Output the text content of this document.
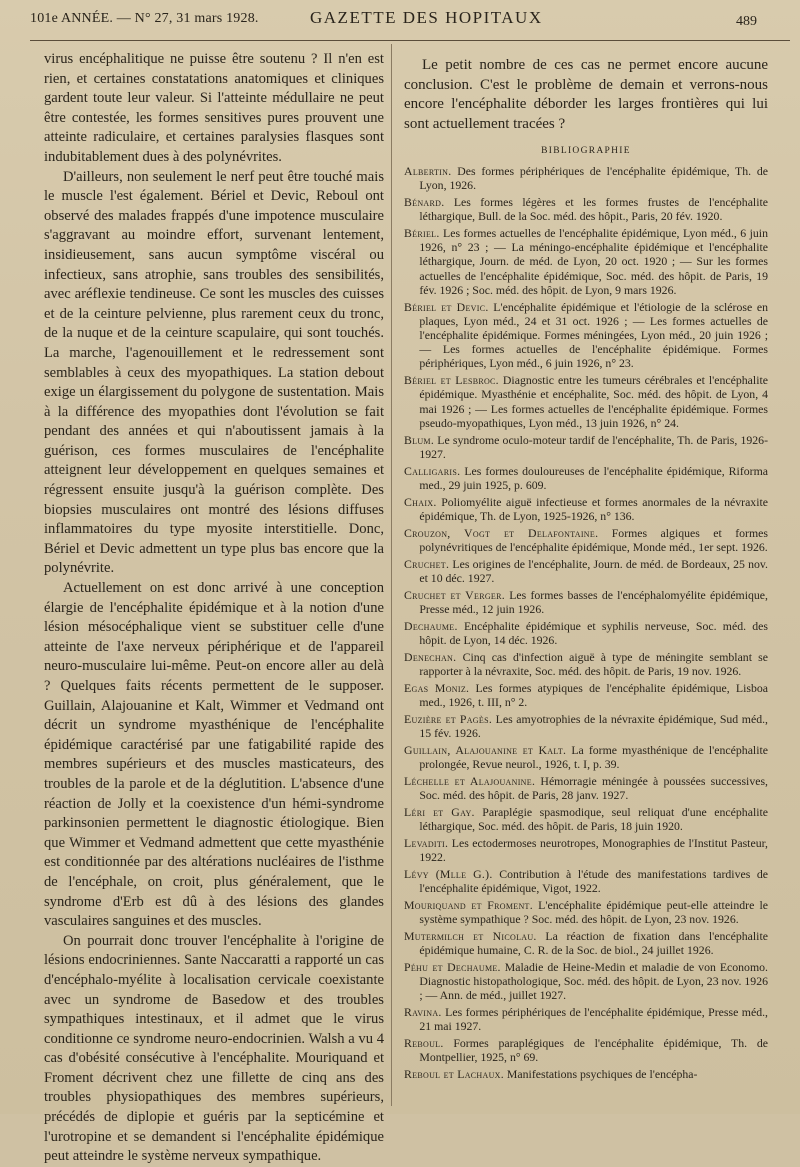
101e ANNÉE. — N° 27, 31 mars 1928.	GAZETTE DES HOPITAUX	489

virus encéphalitique ne puisse être soutenu ? Il n'en est rien, et certaines constatations anatomiques et cliniques gardent toute leur valeur. Si l'atteinte médullaire ne peut être contestée, les formes sensitives pures prouvent une atteinte radiculaire, et certaines paralysies flasques sont indubitablement dues à des polynévrites.

D'ailleurs, non seulement le nerf peut être touché mais le muscle l'est également. Bériel et Devic, Reboul ont observé des malades frappés d'une impotence musculaire s'aggravant au moindre effort, survenant lentement, insidieusement, sans aucun symptôme viscéral ou infectieux, sans atrophie, sans troubles des sensibilités, avec aréflexie tendineuse. Ce sont les muscles des cuisses et de la ceinture pelvienne, plus rarement ceux du tronc, de la nuque et de la ceinture scapulaire, qui sont touchés. La marche, l'agenouillement et le redressement sont semblables à ceux des myopathiques. La station debout exige un élargissement du polygone de sustentation. Mais à la différence des myopathies dont l'évolution se fait pendant des années et qui n'aboutissent jamais à la guérison, ces formes musculaires de l'encéphalite atteignent leur développement en quelques semaines et régressent ensuite jusqu'à la guérison complète. Des biopsies musculaires ont montré des lésions diffuses inflammatoires du type myosite interstitielle. Donc, Bériel et Devic admettent un type plus bas encore que la polynévrite.

Actuellement on est donc arrivé à une conception élargie de l'encéphalite épidémique et à la notion d'une lésion mésocéphalique vient se substituer celle d'une atteinte de l'axe nerveux périphérique et de l'appareil neuro-musculaire lui-même. Peut-on encore aller au delà ? Quelques faits récents permettent de le supposer. Guillain, Alajouanine et Kalt, Wimmer et Vedmand ont décrit un syndrome myasthénique de l'encéphalite épidémique caractérisé par une fatigabilité rapide des membres supérieurs et des muscles masticateurs, des troubles de la parole et de la déglutition. L'absence d'une réaction de Jolly et la coexistence d'un hémi-syndrome parkinsonien permettent le diagnostic étiologique. Bien que Wimmer et Vedmand admettent que cette myasthénie est conditionnée par des altérations nucléaires de l'isthme de l'encéphale, on croit, plus généralement, que le syndrome d'Erb est dû à des lésions des glandes vasculaires sanguines et des muscles.

On pourrait donc trouver l'encéphalite à l'origine de lésions endocriniennes. Sante Naccaratti a rapporté un cas d'encéphalo-myélite à localisation cervicale coexistante avec un syndrome de Basedow et des troubles sympathiques intestinaux, et il admet que le virus conditionne ce syndrome neuro-endocrinien. Walsh a vu 4 cas d'obésité consécutive à l'encéphalite. Mouriquand et Froment décrivent chez une fillette de cinq ans des troubles physiopathiques des membres supérieurs, précédés de diplopie et guéris par la septicémine et l'urotropine et se demandent si l'encéphalite épidémique peut atteindre le système nerveux sympathique.

Le petit nombre de ces cas ne permet encore aucune conclusion. C'est le problème de demain et verrons-nous encore l'encéphalite déborder les larges frontières qui lui sont actuellement tracées ?

BIBLIOGRAPHIE

Albertin. Des formes périphériques de l'encéphalite épidémique, Th. de Lyon, 1926.

Bénard. Les formes légères et les formes frustes de l'encéphalite léthargique, Bull. de la Soc. méd. des hôpit., Paris, 20 fév. 1920.

Bériel. Les formes actuelles de l'encéphalite épidémique, Lyon méd., 6 juin 1926, n° 23 ; — La méningo-encéphalite épidémique et l'encéphalite léthargique, Journ. de méd. de Lyon, 20 oct. 1920 ; — Sur les formes actuelles de l'encéphalite épidémique, Soc. méd. des hôpit. de Paris, 19 fév. 1926 ; Soc. méd. des hôpit. de Lyon, 9 mars 1926.

Bériel et Devic. L'encéphalite épidémique et l'étiologie de la sclérose en plaques, Lyon méd., 24 et 31 oct. 1926 ; — Les formes actuelles de l'encéphalite épidémique. Formes méningées, Lyon méd., 20 juin 1926 ; — Les formes actuelles de l'encéphalite épidémique. Formes périphériques, Lyon méd., 6 juin 1926, n° 23.

Bériel et Lesbroc. Diagnostic entre les tumeurs cérébrales et l'encéphalite épidémique. Myasthénie et encéphalite, Soc. méd. des hôpit. de Lyon, 4 mai 1926 ; — Les formes actuelles de l'encéphalite épidémique. Formes pseudo-myopathiques, Lyon méd., 13 juin 1926, n° 24.

Blum. Le syndrome oculo-moteur tardif de l'encéphalite, Th. de Paris, 1926-1927.

Calligaris. Les formes douloureuses de l'encéphalite épidémique, Riforma med., 29 juin 1925, p. 609.

Chaix. Poliomyélite aiguë infectieuse et formes anormales de la névraxite épidémique, Th. de Lyon, 1925-1926, n° 136.

Crouzon, Vogt et Delafontaine. Formes algiques et formes polynévritiques de l'encéphalite épidémique, Monde méd., 1er sept. 1926.

Cruchet. Les origines de l'encéphalite, Journ. de méd. de Bordeaux, 25 nov. et 10 déc. 1927.

Cruchet et Verger. Les formes basses de l'encéphalomyélite épidémique, Presse méd., 12 juin 1926.

Dechaume. Encéphalite épidémique et syphilis nerveuse, Soc. méd. des hôpit. de Lyon, 14 déc. 1926.

Denechan. Cinq cas d'infection aiguë à type de méningite semblant se rapporter à la névraxite, Soc. méd. des hôpit. de Paris, 19 nov. 1926.

Egas Moniz. Les formes atypiques de l'encéphalite épidémique, Lisboa med., 1926, t. III, n° 2.

Euzière et Pagès. Les amyotrophies de la névraxite épidémique, Sud méd., 15 fév. 1926.

Guillain, Alajouanine et Kalt. La forme myasthénique de l'encéphalite prolongée, Revue neurol., 1926, t. I, p. 39.

Léchelle et Alajouanine. Hémorragie méningée à poussées successives, Soc. méd. des hôpit. de Paris, 28 janv. 1927.

Léri et Gay. Paraplégie spasmodique, seul reliquat d'une encéphalite léthargique, Soc. méd. des hôpit. de Paris, 18 juin 1920.

Levaditi. Les ectodermoses neurotropes, Monographies de l'Institut Pasteur, 1922.

Lévy (Mlle G.). Contribution à l'étude des manifestations tardives de l'encéphalite épidémique, Vigot, 1922.

Mouriquand et Froment. L'encéphalite épidémique peut-elle atteindre le système sympathique ? Soc. méd. des hôpit. de Lyon, 23 nov. 1926.

Mutermilch et Nicolau. La réaction de fixation dans l'encéphalite épidémique humaine, C. R. de la Soc. de biol., 24 juillet 1926.

Péhu et Dechaume. Maladie de Heine-Medin et maladie de von Economo. Diagnostic histopathologique, Soc. méd. des hôpit. de Lyon, 23 nov. 1926 ; — Ann. de méd., juillet 1927.

Ravina. Les formes périphériques de l'encéphalite épidémique, Presse méd., 21 mai 1927.

Reboul. Formes paraplégiques de l'encéphalite épidémique, Th. de Montpellier, 1925, n° 69.

Reboul et Lachaux. Manifestations psychiques de l'encépha-
